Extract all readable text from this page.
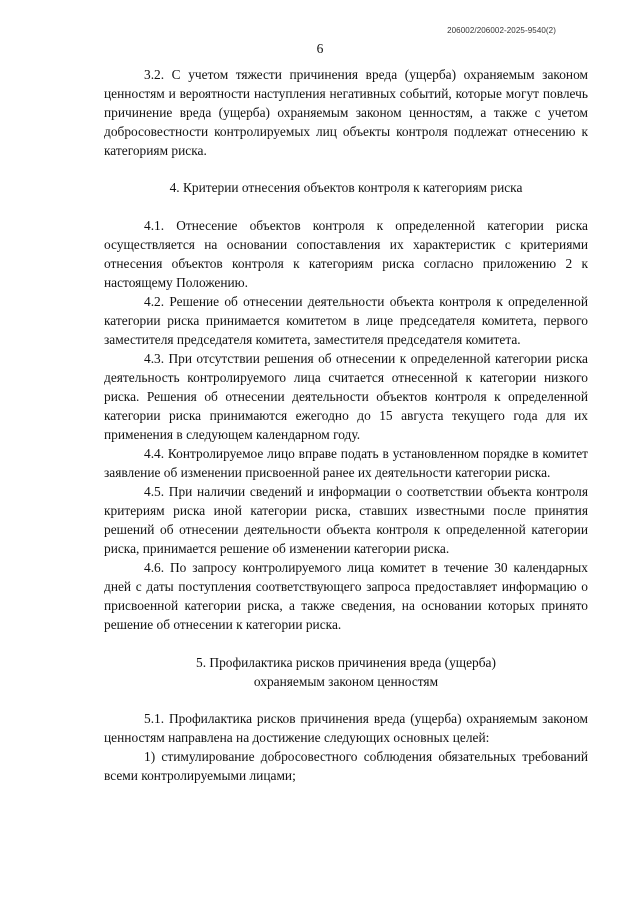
206002/206002-2025-9540(2)
6

3.2. С учетом тяжести причинения вреда (ущерба) охраняемым законом ценностям и вероятности наступления негативных событий, которые могут повлечь причинение вреда (ущерба) охраняемым законом ценностям, а также с учетом добросовестности контролируемых лиц объекты контроля подлежат отнесению к категориям риска.

4. Критерии отнесения объектов контроля к категориям риска

4.1. Отнесение объектов контроля к определенной категории риска осуществляется на основании сопоставления их характеристик с критериями отнесения объектов контроля к категориям риска согласно приложению 2 к настоящему Положению.

4.2. Решение об отнесении деятельности объекта контроля к определенной категории риска принимается комитетом в лице председателя комитета, первого заместителя председателя комитета, заместителя председателя комитета.

4.3. При отсутствии решения об отнесении к определенной категории риска деятельность контролируемого лица считается отнесенной к категории низкого риска. Решения об отнесении деятельности объектов контроля к определенной категории риска принимаются ежегодно до 15 августа текущего года для их применения в следующем календарном году.

4.4. Контролируемое лицо вправе подать в установленном порядке в комитет заявление об изменении присвоенной ранее их деятельности категории риска.

4.5. При наличии сведений и информации о соответствии объекта контроля критериям риска иной категории риска, ставших известными после принятия решений об отнесении деятельности объекта контроля к определенной категории риска, принимается решение об изменении категории риска.

4.6. По запросу контролируемого лица комитет в течение 30 календарных дней с даты поступления соответствующего запроса предоставляет информацию о присвоенной категории риска, а также сведения, на основании которых принято решение об отнесении к категории риска.

5. Профилактика рисков причинения вреда (ущерба)

охраняемым законом ценностям

5.1. Профилактика рисков причинения вреда (ущерба) охраняемым законом ценностям направлена на достижение следующих основных целей:

1) стимулирование добросовестного соблюдения обязательных требований всеми контролируемыми лицами;
